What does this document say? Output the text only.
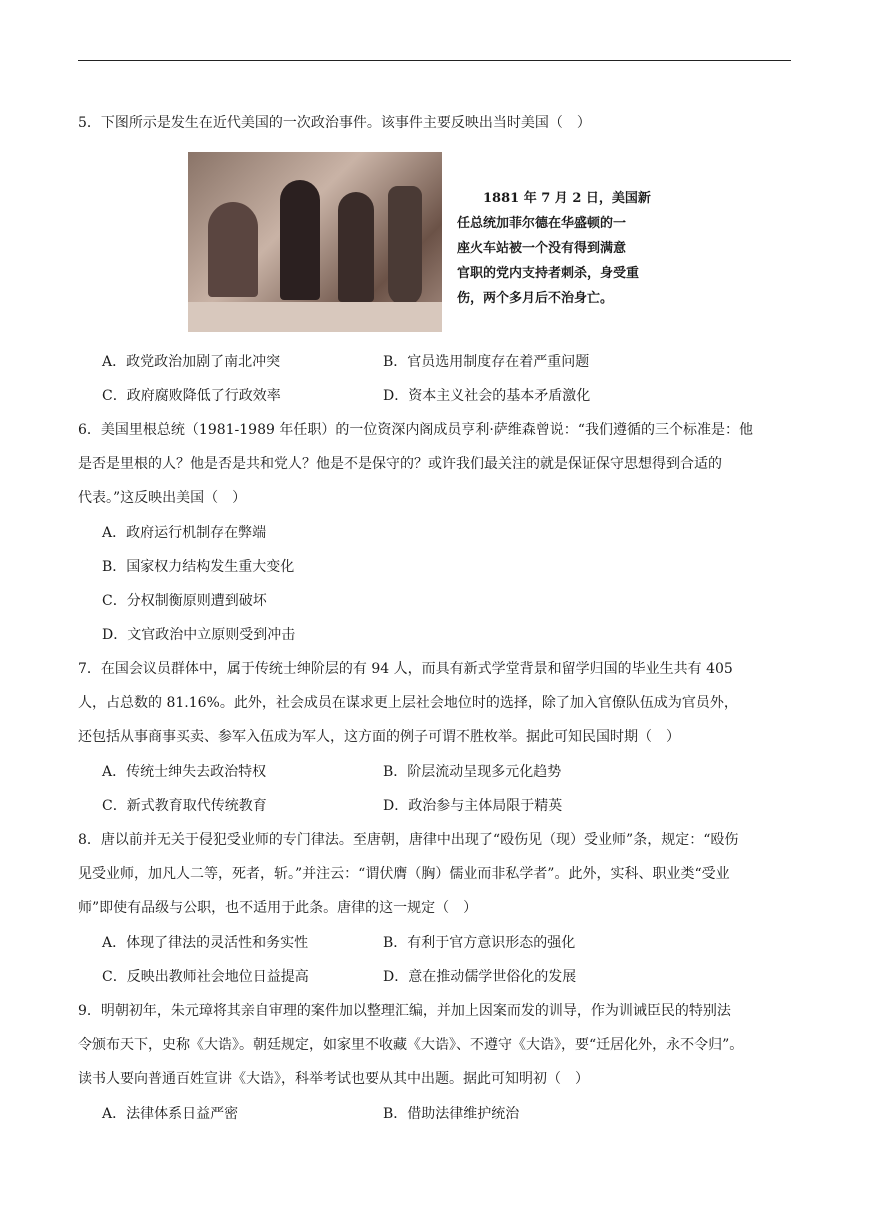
5．下图所示是发生在近代美国的一次政治事件。该事件主要反映出当时美国（　）
　　1881 年 7 月 2 日，美国新
任总统加菲尔德在华盛顿的一
座火车站被一个没有得到满意
官职的党内支持者刺杀，身受重
伤，两个多月后不治身亡。
A．政党政治加剧了南北冲突	B．官员选用制度存在着严重问题
C．政府腐败降低了行政效率	D．资本主义社会的基本矛盾激化
6．美国里根总统（1981-1989 年任职）的一位资深内阁成员亨利·萨维森曾说：“我们遵循的三个标准是：他
是否是里根的人？他是否是共和党人？他是不是保守的？或许我们最关注的就是保证保守思想得到合适的
代表。”这反映出美国（　）
A．政府运行机制存在弊端
B．国家权力结构发生重大变化
C．分权制衡原则遭到破坏
D．文官政治中立原则受到冲击
7．在国会议员群体中，属于传统士绅阶层的有 94 人，而具有新式学堂背景和留学归国的毕业生共有 405
人，占总数的 81.16%。此外，社会成员在谋求更上层社会地位时的选择，除了加入官僚队伍成为官员外，
还包括从事商事买卖、参军入伍成为军人，这方面的例子可谓不胜枚举。据此可知民国时期（　）
A．传统士绅失去政治特权	B．阶层流动呈现多元化趋势
C．新式教育取代传统教育	D．政治参与主体局限于精英
8．唐以前并无关于侵犯受业师的专门律法。至唐朝，唐律中出现了“殴伤见（现）受业师”条，规定：“殴伤
见受业师，加凡人二等，死者，斩。”并注云：“谓伏膺（胸）儒业而非私学者”。此外，实科、职业类“受业
师”即使有品级与公职，也不适用于此条。唐律的这一规定（　）
A．体现了律法的灵活性和务实性	B．有利于官方意识形态的强化
C．反映出教师社会地位日益提高	D．意在推动儒学世俗化的发展
9．明朝初年，朱元璋将其亲自审理的案件加以整理汇编，并加上因案而发的训导，作为训诫臣民的特别法
令颁布天下，史称《大诰》。朝廷规定，如家里不收藏《大诰》、不遵守《大诰》，要“迁居化外，永不令归”。
读书人要向普通百姓宣讲《大诰》，科举考试也要从其中出题。据此可知明初（　）
A．法律体系日益严密	B．借助法律维护统治
